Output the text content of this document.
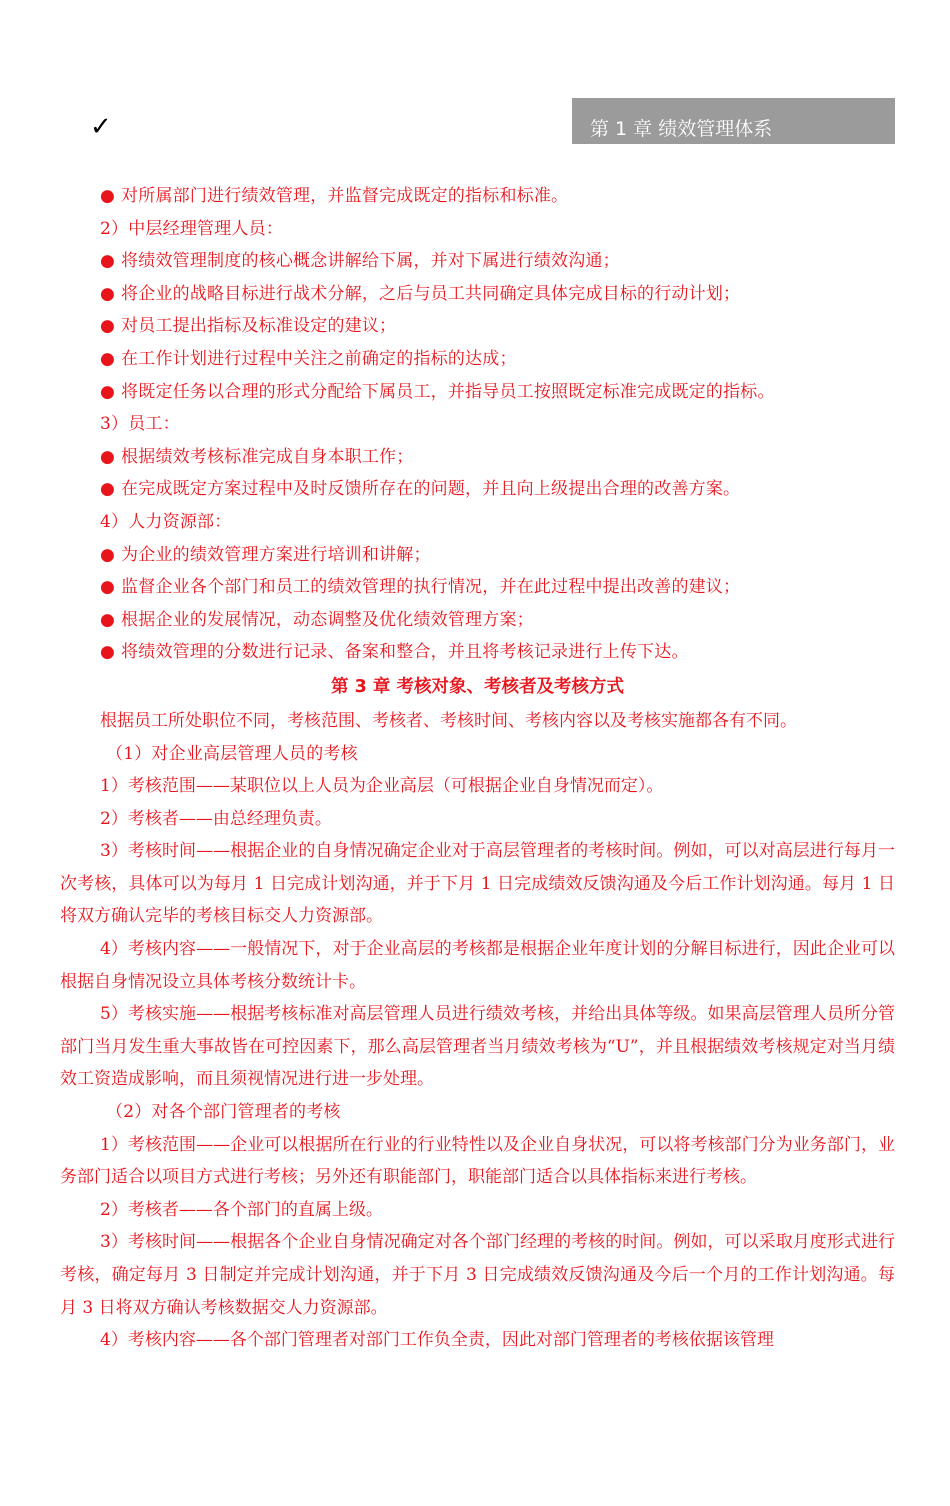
✓	第 1 章 绩效管理体系
● 对所属部门进行绩效管理，并监督完成既定的指标和标准。
2）中层经理管理人员：
● 将绩效管理制度的核心概念讲解给下属，并对下属进行绩效沟通；
● 将企业的战略目标进行战术分解，之后与员工共同确定具体完成目标的行动计划；
● 对员工提出指标及标准设定的建议；
● 在工作计划进行过程中关注之前确定的指标的达成；
● 将既定任务以合理的形式分配给下属员工，并指导员工按照既定标准完成既定的指标。
3）员工：
● 根据绩效考核标准完成自身本职工作；
● 在完成既定方案过程中及时反馈所存在的问题，并且向上级提出合理的改善方案。
4）人力资源部：
● 为企业的绩效管理方案进行培训和讲解；
● 监督企业各个部门和员工的绩效管理的执行情况，并在此过程中提出改善的建议；
● 根据企业的发展情况，动态调整及优化绩效管理方案；
● 将绩效管理的分数进行记录、备案和整合，并且将考核记录进行上传下达。
第 3 章 考核对象、考核者及考核方式
根据员工所处职位不同，考核范围、考核者、考核时间、考核内容以及考核实施都各有不同。
（1）对企业高层管理人员的考核
1）考核范围——某职位以上人员为企业高层（可根据企业自身情况而定）。
2）考核者——由总经理负责。
3）考核时间——根据企业的自身情况确定企业对于高层管理者的考核时间。例如，可以对高层进行每月一次考核，具体可以为每月 1 日完成计划沟通，并于下月 1 日完成绩效反馈沟通及今后工作计划沟通。每月 1 日将双方确认完毕的考核目标交人力资源部。
4）考核内容——一般情况下，对于企业高层的考核都是根据企业年度计划的分解目标进行，因此企业可以根据自身情况设立具体考核分数统计卡。
5）考核实施——根据考核标准对高层管理人员进行绩效考核，并给出具体等级。如果高层管理人员所分管部门当月发生重大事故皆在可控因素下，那么高层管理者当月绩效考核为“U”，并且根据绩效考核规定对当月绩效工资造成影响，而且须视情况进行进一步处理。
（2）对各个部门管理者的考核
1）考核范围——企业可以根据所在行业的行业特性以及企业自身状况，可以将考核部门分为业务部门，业务部门适合以项目方式进行考核；另外还有职能部门，职能部门适合以具体指标来进行考核。
2）考核者——各个部门的直属上级。
3）考核时间——根据各个企业自身情况确定对各个部门经理的考核的时间。例如，可以采取月度形式进行考核，确定每月 3 日制定并完成计划沟通，并于下月 3 日完成绩效反馈沟通及今后一个月的工作计划沟通。每月 3 日将双方确认考核数据交人力资源部。
4）考核内容——各个部门管理者对部门工作负全责，因此对部门管理者的考核依据该管理
